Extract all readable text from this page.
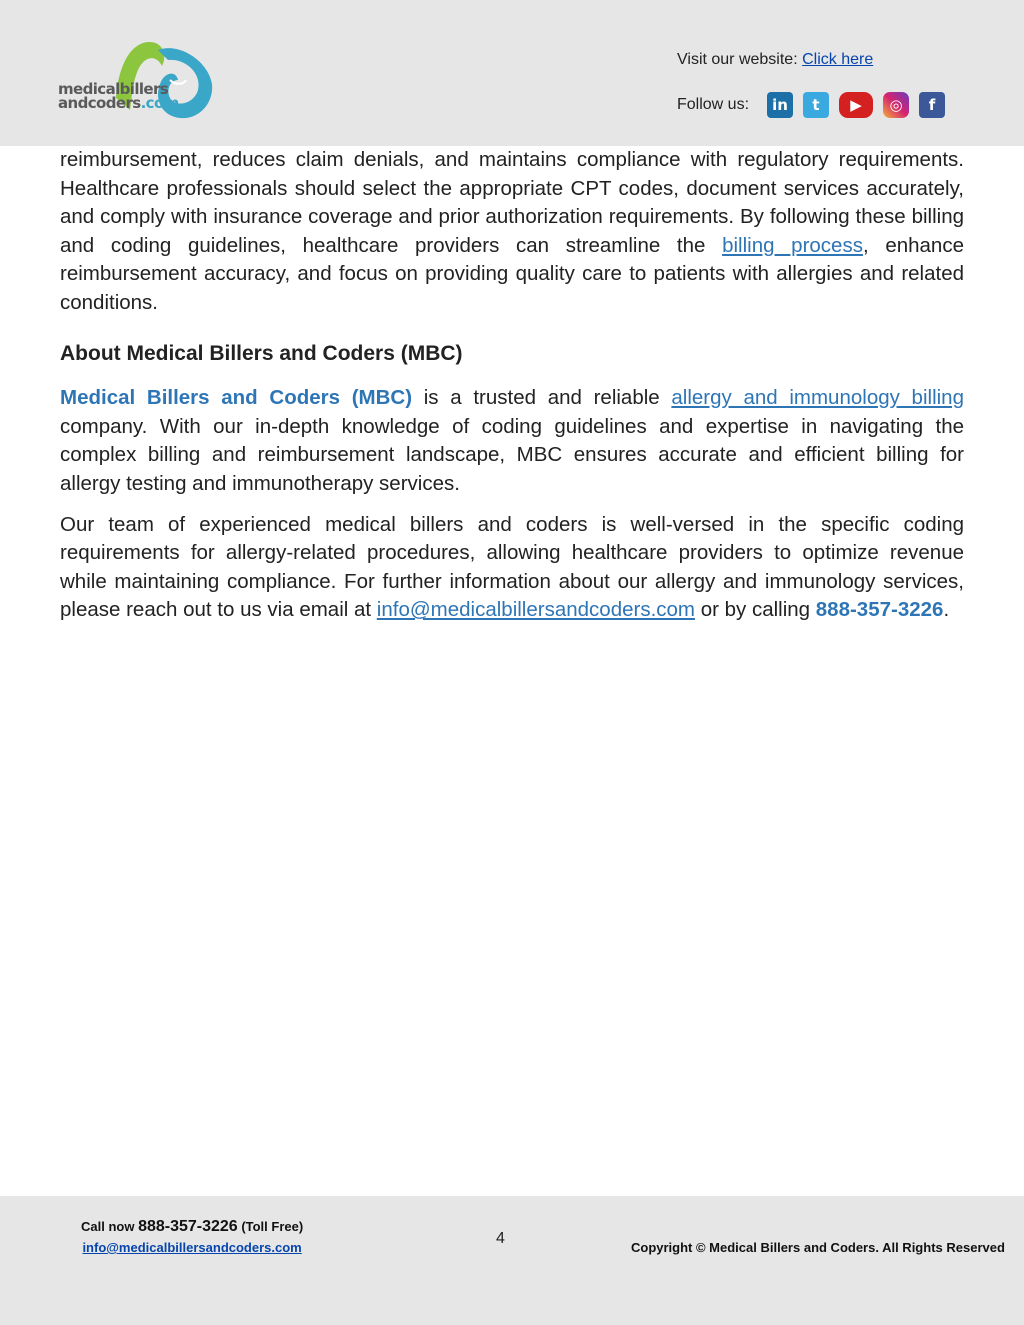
medicalbillers
andcoders.com
Visit our website: Click here
Follow us:	in	t	▶	◎	f

reimbursement, reduces claim denials, and maintains compliance with regulatory requirements. Healthcare professionals should select the appropriate CPT codes, document services accurately, and comply with insurance coverage and prior authorization requirements. By following these billing and coding guidelines, healthcare providers can streamline the billing process, enhance reimbursement accuracy, and focus on providing quality care to patients with allergies and related conditions.

About Medical Billers and Coders (MBC)

Medical Billers and Coders (MBC) is a trusted and reliable allergy and immunology billing company. With our in-depth knowledge of coding guidelines and expertise in navigating the complex billing and reimbursement landscape, MBC ensures accurate and efficient billing for allergy testing and immunotherapy services.

Our team of experienced medical billers and coders is well-versed in the specific coding requirements for allergy-related procedures, allowing healthcare providers to optimize revenue while maintaining compliance. For further information about our allergy and immunology services, please reach out to us via email at info@medicalbillersandcoders.com or by calling 888-357-3226.

Call now 888-357-3226 (Toll Free)
info@medicalbillersandcoders.com
4
Copyright © Medical Billers and Coders. All Rights Reserved
